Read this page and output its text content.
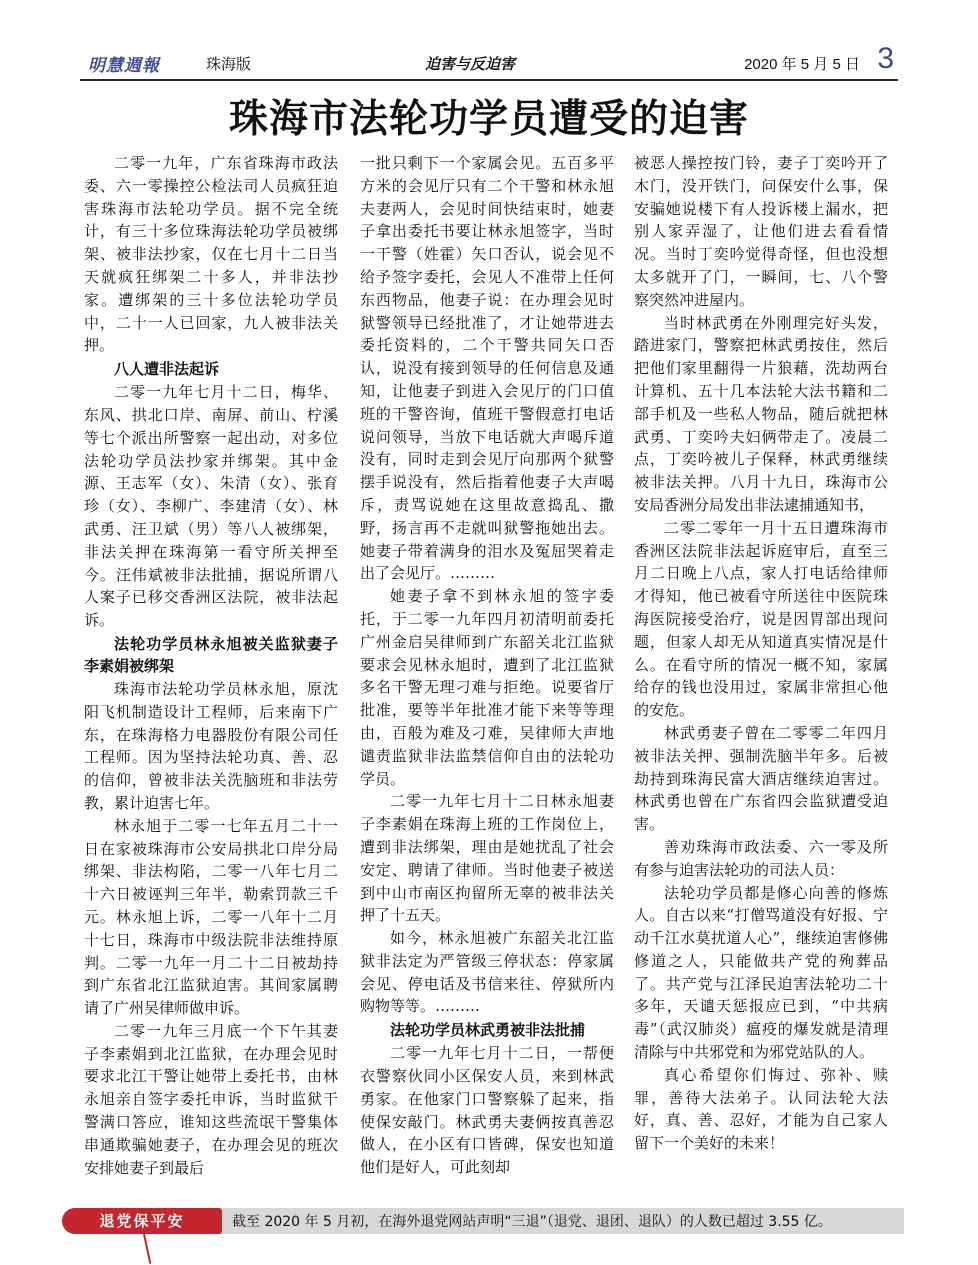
明慧週報	珠海版	迫害与反迫害	2020 年 5 月 5 日 3
珠海市法轮功学员遭受的迫害

二零一九年，广东省珠海市政法委、六一零操控公检法司人员疯狂迫害珠海市法轮功学员。据不完全统计，有三十多位珠海法轮功学员被绑架、被非法抄家，仅在七月十二日当天就疯狂绑架二十多人，并非法抄家。遭绑架的三十多位法轮功学员中，二十一人已回家，九人被非法关押。

八人遭非法起诉

二零一九年七月十二日，梅华、东风、拱北口岸、南屏、前山、柠溪等七个派出所警察一起出动，对多位法轮功学员法抄家并绑架。其中金源、王志军（女）、朱清（女）、张育珍（女）、李柳广、李建清（女）、林武勇、汪卫斌（男）等八人被绑架，非法关押在珠海第一看守所关押至今。汪伟斌被非法批捕，据说所谓八人案子已移交香洲区法院，被非法起诉。

法轮功学员林永旭被关监狱妻子李素娟被绑架

珠海市法轮功学员林永旭，原沈阳飞机制造设计工程师，后来南下广东，在珠海格力电器股份有限公司任工程师。因为坚持法轮功真、善、忍的信仰，曾被非法关洗脑班和非法劳教，累计迫害七年。

林永旭于二零一七年五月二十一日在家被珠海市公安局拱北口岸分局绑架、非法构陷，二零一八年七月二十六日被诬判三年半，勒索罚款三千元。林永旭上诉，二零一八年十二月十七日，珠海市中级法院非法维持原判。二零一九年一月二十二日被劫持到广东省北江监狱迫害。其间家属聘请了广州吴律师做申诉。

二零一九年三月底一个下午其妻子李素娟到北江监狱，在办理会见时要求北江干警让她带上委托书，由林永旭亲自签字委托申诉，当时监狱干警满口答应，谁知这些流氓干警集体串通欺骗她妻子，在办理会见的班次安排她妻子到最后

一批只剩下一个家属会见。五百多平方米的会见厅只有二个干警和林永旭夫妻两人，会见时间快结束时，她妻子拿出委托书要让林永旭签字，当时一干警（姓霍）矢口否认，说会见不给予签字委托，会见人不准带上任何东西物品，他妻子说：在办理会见时狱警领导已经批准了，才让她带进去委托资料的，二个干警共同矢口否认，说没有接到领导的任何信息及通知，让他妻子到进入会见厅的门口值班的干警咨询，值班干警假意打电话说问领导，当放下电话就大声喝斥道没有，同时走到会见厅向那两个狱警摆手说没有，然后指着他妻子大声喝斥，责骂说她在这里故意捣乱、撒野，扬言再不走就叫狱警拖她出去。她妻子带着满身的泪水及冤屈哭着走出了会见厅。………

她妻子拿不到林永旭的签字委托，于二零一九年四月初清明前委托广州金启吴律师到广东韶关北江监狱要求会见林永旭时，遭到了北江监狱多名干警无理刁难与拒绝。说要省厅批准，要等半年批准才能下来等等理由，百般为难及刁难，吴律师大声地谴责监狱非法监禁信仰自由的法轮功学员。

二零一九年七月十二日林永旭妻子李素娟在珠海上班的工作岗位上，遭到非法绑架，理由是她扰乱了社会安定、聘请了律师。当时他妻子被送到中山市南区拘留所无辜的被非法关押了十五天。

如今，林永旭被广东韶关北江监狱非法定为严管级三停状态：停家属会见、停电话及书信来往、停狱所内购物等等。………

法轮功学员林武勇被非法批捕

二零一九年七月十二日，一帮便衣警察伙同小区保安人员，来到林武勇家。在他家门口警察躲了起来，指使保安敲门。林武勇夫妻俩按真善忍做人，在小区有口皆碑，保安也知道他们是好人，可此刻却

被恶人操控按门铃，妻子丁奕吟开了木门，没开铁门，问保安什么事，保安骗她说楼下有人投诉楼上漏水，把别人家弄湿了，让他们进去看看情况。当时丁奕吟觉得奇怪，但也没想太多就开了门，一瞬间，七、八个警察突然冲进屋内。

当时林武勇在外刚理完好头发，踏进家门，警察把林武勇按住，然后把他们家里翻得一片狼藉，洗劫两台计算机、五十几本法轮大法书籍和二部手机及一些私人物品，随后就把林武勇、丁奕吟夫妇俩带走了。凌晨二点，丁奕吟被儿子保释，林武勇继续被非法关押。八月十九日，珠海市公安局香洲分局发出非法逮捕通知书，

二零二零年一月十五日遭珠海市香洲区法院非法起诉庭审后，直至三月二日晚上八点，家人打电话给律师才得知，他已被看守所送往中医院珠海医院接受治疗，说是因胃部出现问题，但家人却无从知道真实情况是什么。在看守所的情况一概不知，家属给存的钱也没用过，家属非常担心他的安危。

林武勇妻子曾在二零零二年四月被非法关押、强制洗脑半年多。后被劫持到珠海民富大酒店继续迫害过。林武勇也曾在广东省四会监狱遭受迫害。

善劝珠海市政法委、六一零及所有参与迫害法轮功的司法人员：

法轮功学员都是修心向善的修炼人。自古以来“打僧骂道没有好报、宁动千江水莫扰道人心”，继续迫害修佛修道之人，只能做共产党的殉葬品了。共产党与江泽民迫害法轮功二十多年，天谴天惩报应已到，“中共病毒”（武汉肺炎）瘟疫的爆发就是清理清除与中共邪党和为邪党站队的人。

真心希望你们悔过、弥补、赎罪，善待大法弟子。认同法轮大法好，真、善、忍好，才能为自己家人留下一个美好的未来！

退党保平安	截至 2020 年 5 月初，在海外退党网站声明“三退”（退党、退团、退队）的人数已超过 3.55 亿。
